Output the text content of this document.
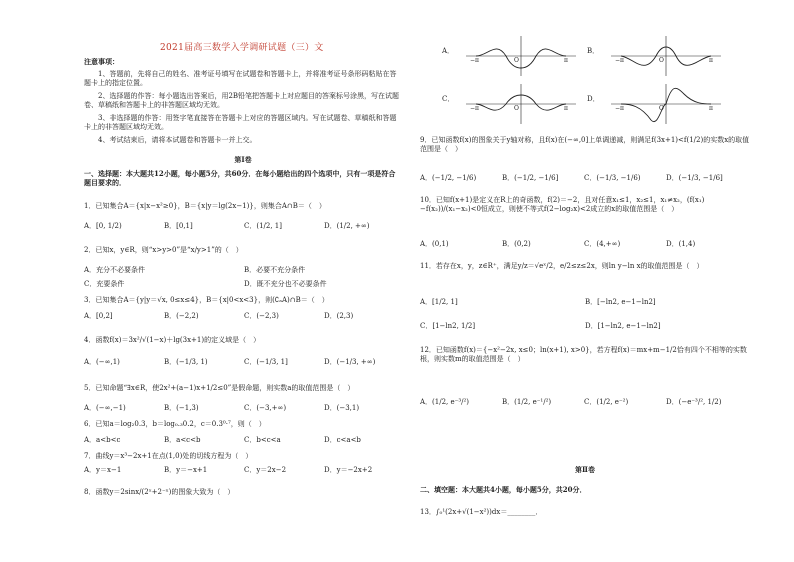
2021届高三数学入学调研试题（三）文
注意事项：
1、答题前，先将自己的姓名、准考证号填写在试题卷和答题卡上，并将准考证号条形码粘贴在答题卡上的指定位置。
2、选择题的作答：每小题选出答案后，用2B铅笔把答题卡上对应题目的答案标号涂黑，写在试题卷、草稿纸和答题卡上的非答题区域均无效。
3、非选择题的作答：用签字笔直接答在答题卡上对应的答题区域内。写在试题卷、草稿纸和答题卡上的非答题区域均无效。
4、考试结束后，请将本试题卷和答题卡一并上交。
第Ⅰ卷
一、选择题：本大题共12小题，每小题5分，共60分．在每小题给出的四个选项中，只有一项是符合题目要求的．
1．已知集合A＝{x|x−x²≥0}，B＝{x|y＝lg(2x−1)}，则集合A∩B＝（　）
A．[0, 1/2)	B．[0,1]	C．(1/2, 1]	D．(1/2, +∞)
2．已知x，y∈R，则“x>y>0”是“x/y>1”的（　）
A．充分不必要条件	B．必要不充分条件
C．充要条件	D．既不充分也不必要条件
3．已知集合A＝{y|y＝√x, 0≤x≤4}，B＝{x|0<x<3}，则(∁ₐA)∩B＝（　）
A．[0,2]	B．(−2,2)	C．(−2,3)	D．(2,3)
4．函数f(x)＝3x²/√(1−x)＋lg(3x+1)的定义域是（　）
A．(−∞,1)	B．(−1/3, 1)	C．(−1/3, 1]	D．(−1/3, +∞)
5．已知命题“∃x∈R，使2x²+(a−1)x+1/2≤0”是假命题，则实数a的取值范围是（　）
A．(−∞,−1)	B．(−1,3)	C．(−3,+∞)	D．(−3,1)
6．已知a＝log₂0.3，b＝log₀.₃0.2，c＝0.3⁰·⁷，则（　）
A．a<b<c	B．a<c<b	C．b<c<a	D．c<a<b
7．曲线y＝x³−2x+1在点(1,0)处的切线方程为（　）
A．y＝x−1	B．y＝−x+1	C．y＝2x−2	D．y＝−2x+2
8．函数y＝2sinx/(2ˣ+2⁻ˣ)的图象大致为（　）
A．	B．
C．	D．
O	O
O	O
π
−π	π
−π
π
−π	π
−π
9．已知函数f(x)的图象关于y轴对称，且f(x)在(−∞,0]上单调递减，则满足f(3x+1)<f(1/2)的实数x的取值范围是（　）
A．(−1/2, −1/6)	B．(−1/2, −1/6]	C．(−1/3, −1/6)	D．(−1/3, −1/6]
10．已知f(x+1)是定义在R上的奇函数，f(2)＝−2，且对任意x₁≤1，x₂≤1，x₁≠x₂，(f(x₁)−f(x₂))/(x₁−x₂)<0恒成立，则使不等式f(2−log₂x)<2成立的x的取值范围是（　）
A．(0,1)	B．(0,2)	C．(4,+∞)	D．(1,4)
11．若存在x，y，z∈R⁺，满足y/z＝√eˣ/2，e/2≤z≤2x，则ln y−ln x的取值范围是（　）
A．[1/2, 1]	B．[−ln2, e−1−ln2]
C．[1−ln2, 1/2]	D．[1−ln2, e−1−ln2]
12．已知函数f(x)＝{−x²−2x, x≤0；ln(x+1), x>0}，若方程f(x)＝mx+m−1/2恰有四个不相等的实数根，则实数m的取值范围是（　）
A．(1/2, e⁻³/²)	B．(1/2, e⁻¹/²)	C．(1/2, e⁻²)	D．(−e⁻³/², 1/2)
第Ⅱ卷
二、填空题：本大题共4小题，每小题5分，共20分．
13．∫₀¹(2x+√(1−x²))dx＝________．
